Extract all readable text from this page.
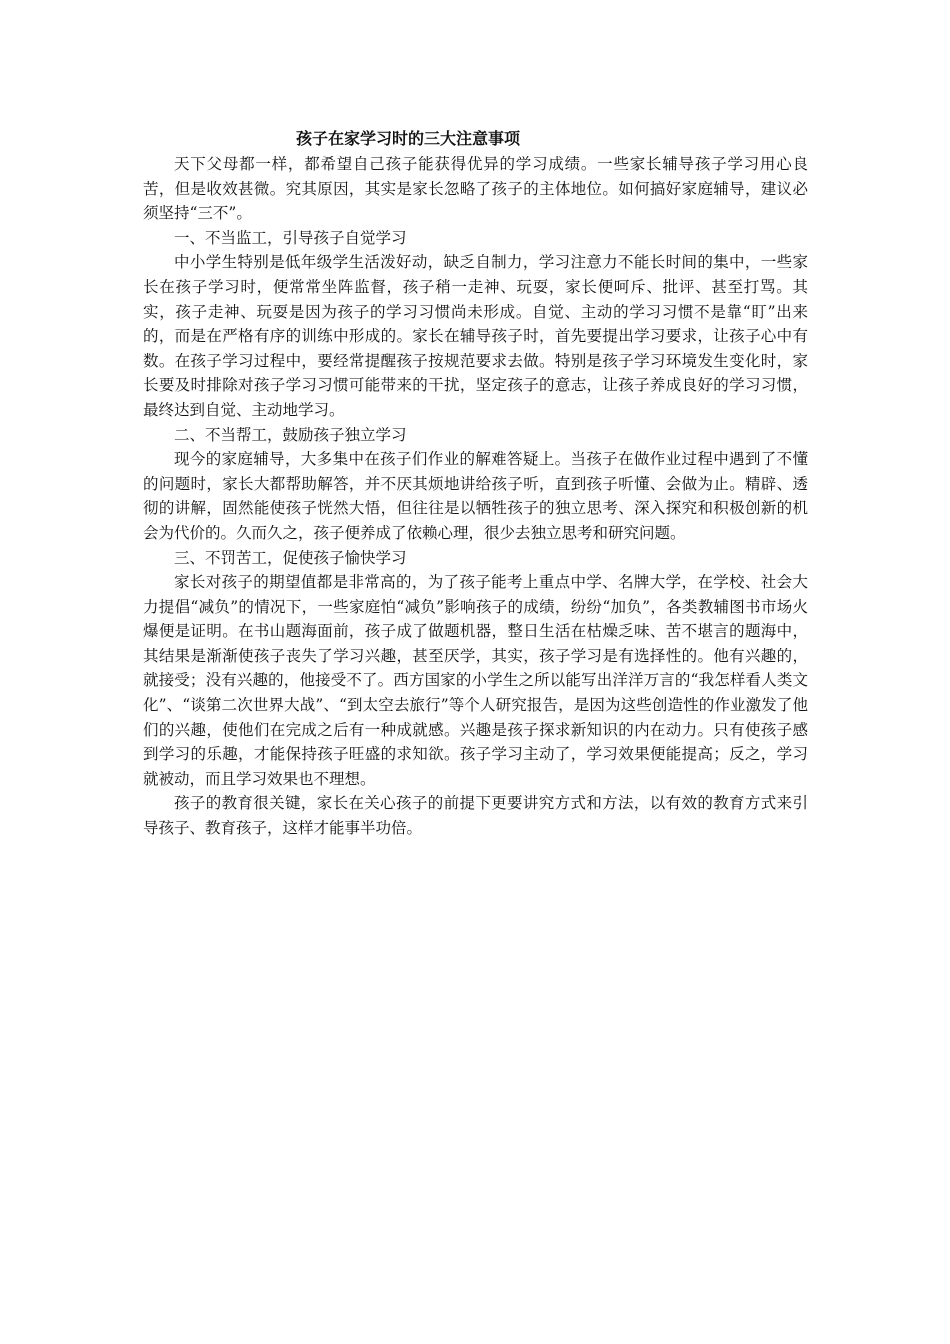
孩子在家学习时的三大注意事项

天下父母都一样，都希望自己孩子能获得优异的学习成绩。一些家长辅导孩子学习用心良苦，但是收效甚微。究其原因，其实是家长忽略了孩子的主体地位。如何搞好家庭辅导，建议必须坚持“三不”。

一、不当监工，引导孩子自觉学习

中小学生特别是低年级学生活泼好动，缺乏自制力，学习注意力不能长时间的集中，一些家长在孩子学习时，便常常坐阵监督，孩子稍一走神、玩耍，家长便呵斥、批评、甚至打骂。其实，孩子走神、玩耍是因为孩子的学习习惯尚未形成。自觉、主动的学习习惯不是靠“盯”出来的，而是在严格有序的训练中形成的。家长在辅导孩子时，首先要提出学习要求，让孩子心中有数。在孩子学习过程中，要经常提醒孩子按规范要求去做。特别是孩子学习环境发生变化时，家长要及时排除对孩子学习习惯可能带来的干扰，坚定孩子的意志，让孩子养成良好的学习习惯，最终达到自觉、主动地学习。

二、不当帮工，鼓励孩子独立学习

现今的家庭辅导，大多集中在孩子们作业的解难答疑上。当孩子在做作业过程中遇到了不懂的问题时，家长大都帮助解答，并不厌其烦地讲给孩子听，直到孩子听懂、会做为止。精辟、透彻的讲解，固然能使孩子恍然大悟，但往往是以牺牲孩子的独立思考、深入探究和积极创新的机会为代价的。久而久之，孩子便养成了依赖心理，很少去独立思考和研究问题。

三、不罚苦工，促使孩子愉快学习

家长对孩子的期望值都是非常高的，为了孩子能考上重点中学、名牌大学，在学校、社会大力提倡“减负”的情况下，一些家庭怕“减负”影响孩子的成绩，纷纷“加负”，各类教辅图书市场火爆便是证明。在书山题海面前，孩子成了做题机器，整日生活在枯燥乏味、苦不堪言的题海中，其结果是渐渐使孩子丧失了学习兴趣，甚至厌学，其实，孩子学习是有选择性的。他有兴趣的，就接受；没有兴趣的，他接受不了。西方国家的小学生之所以能写出洋洋万言的“我怎样看人类文化”、“谈第二次世界大战”、“到太空去旅行”等个人研究报告，是因为这些创造性的作业激发了他们的兴趣，使他们在完成之后有一种成就感。兴趣是孩子探求新知识的内在动力。只有使孩子感到学习的乐趣，才能保持孩子旺盛的求知欲。孩子学习主动了，学习效果便能提高；反之，学习就被动，而且学习效果也不理想。

孩子的教育很关键，家长在关心孩子的前提下更要讲究方式和方法，以有效的教育方式来引导孩子、教育孩子，这样才能事半功倍。
